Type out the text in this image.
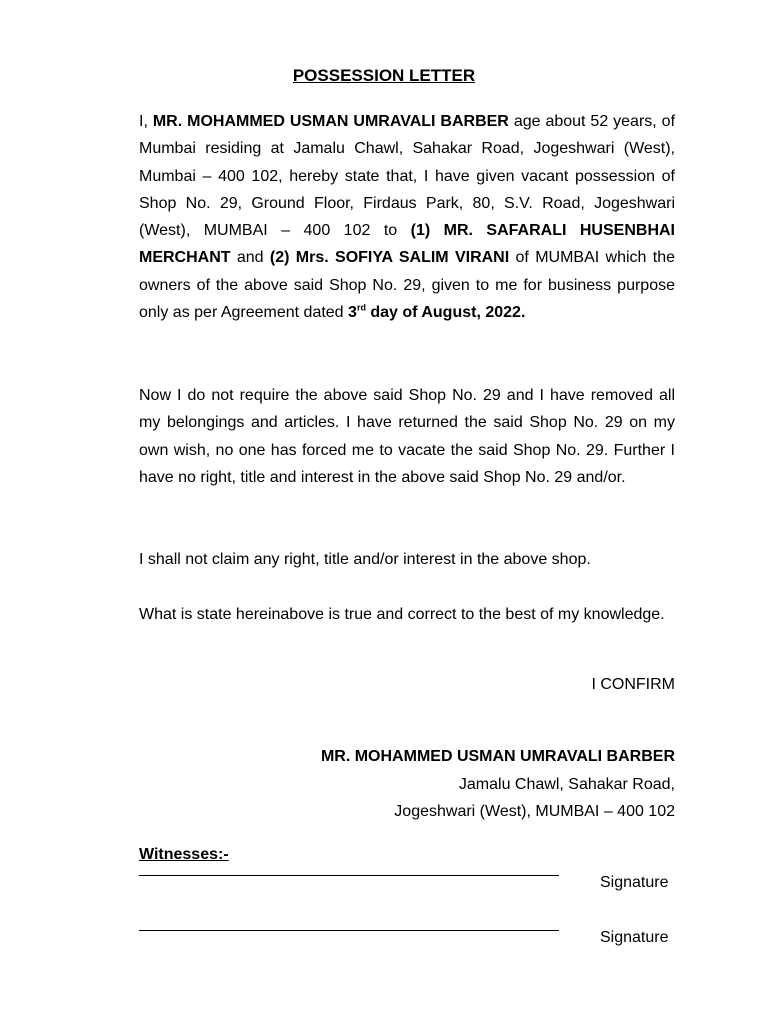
POSSESSION LETTER

I, MR. MOHAMMED USMAN UMRAVALI BARBER age about 52 years, of Mumbai residing at Jamalu Chawl, Sahakar Road, Jogeshwari (West), Mumbai – 400 102, hereby state that, I have given vacant possession of Shop No. 29, Ground Floor, Firdaus Park, 80, S.V. Road, Jogeshwari (West), MUMBAI – 400 102 to (1) MR. SAFARALI HUSENBHAI MERCHANT and (2) Mrs. SOFIYA SALIM VIRANI of MUMBAI which the owners of the above said Shop No. 29, given to me for business purpose only as per Agreement dated 3rd day of August, 2022.

Now I do not require the above said Shop No. 29 and I have removed all my belongings and articles. I have returned the said Shop No. 29 on my own wish, no one has forced me to vacate the said Shop No. 29. Further I have no right, title and interest in the above said Shop No. 29 and/or.

I shall not claim any right, title and/or interest in the above shop.

What is state hereinabove is true and correct to the best of my knowledge.

I CONFIRM
MR. MOHAMMED USMAN UMRAVALI BARBER
Jamalu Chawl, Sahakar Road,
Jogeshwari (West), MUMBAI – 400 102
Witnesses:-
Signature
Signature
